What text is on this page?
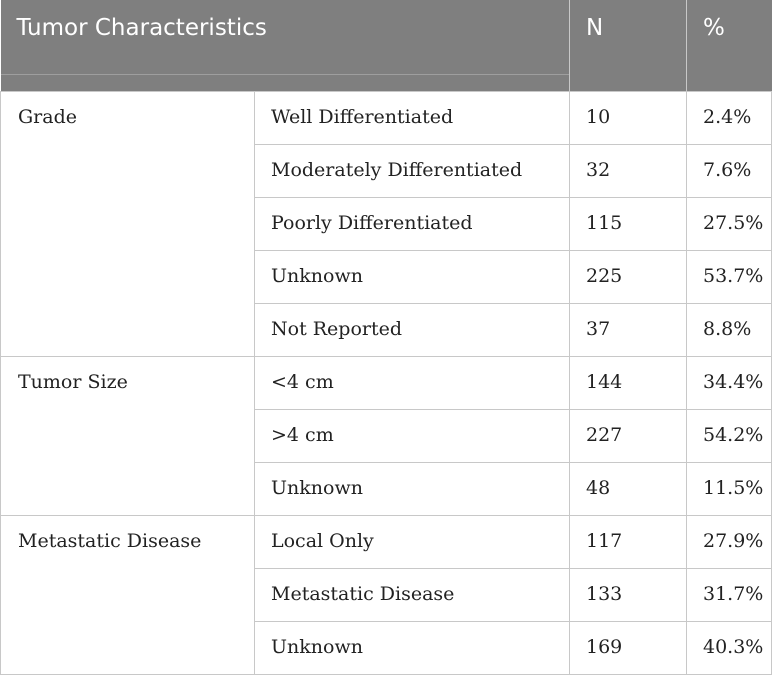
Tumor Characteristics		N	%
Grade	Well Differentiated	10	2.4%
	Moderately Differentiated	32	7.6%
	Poorly Differentiated	115	27.5%
	Unknown	225	53.7%
	Not Reported	37	8.8%
Tumor Size	<4 cm	144	34.4%
	>4 cm	227	54.2%
	Unknown	48	11.5%
Metastatic Disease	Local Only	117	27.9%
	Metastatic Disease	133	31.7%
	Unknown	169	40.3%
